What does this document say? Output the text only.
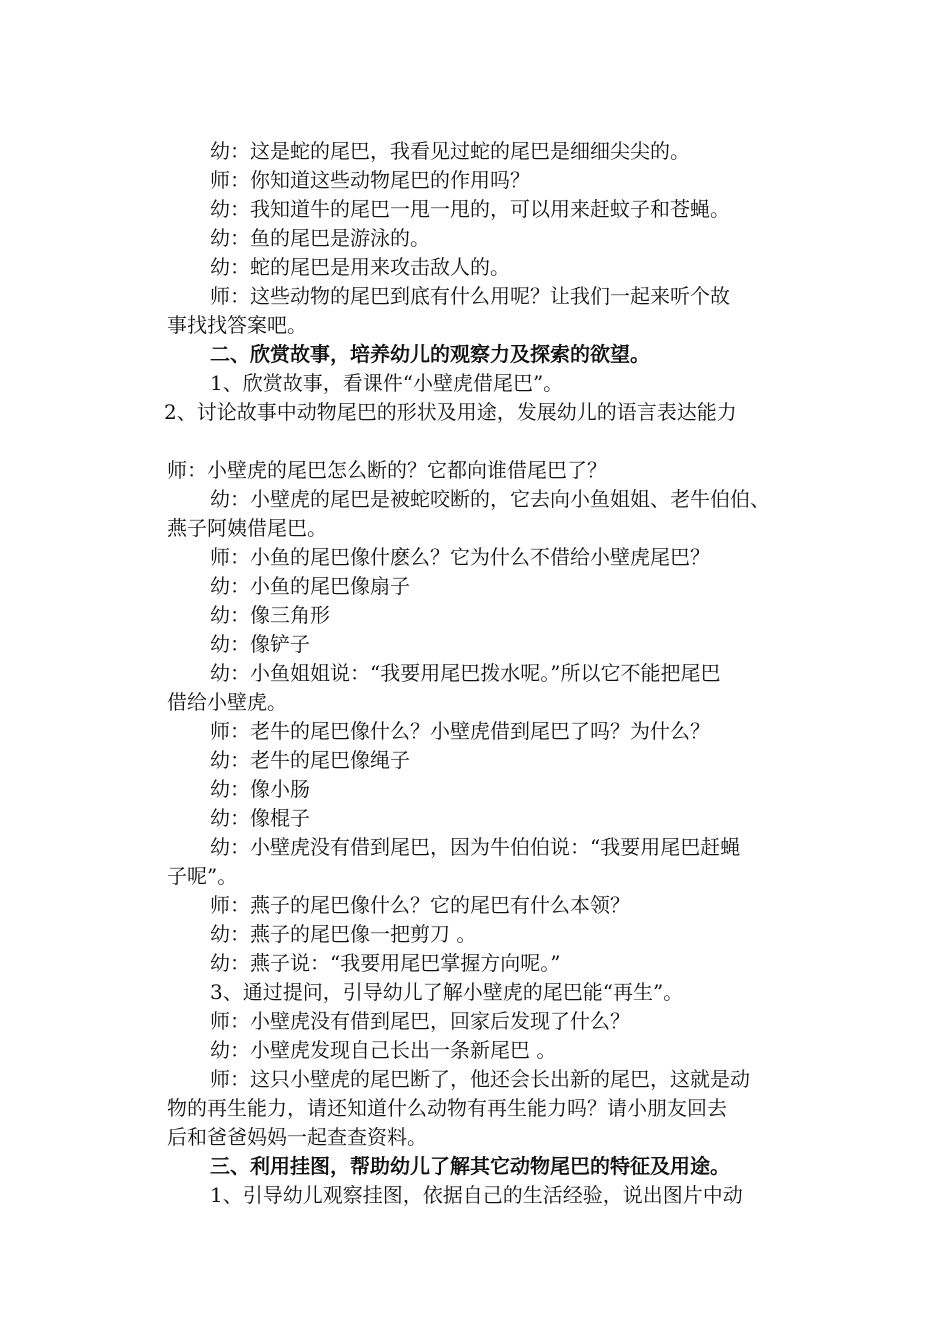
幼：这是蛇的尾巴，我看见过蛇的尾巴是细细尖尖的。

师：你知道这些动物尾巴的作用吗？

幼：我知道牛的尾巴一甩一甩的，可以用来赶蚊子和苍蝇。

幼：鱼的尾巴是游泳的。

幼：蛇的尾巴是用来攻击敌人的。

师：这些动物的尾巴到底有什么用呢？让我们一起来听个故

事找找答案吧。

二、欣赏故事，培养幼儿的观察力及探索的欲望。

1、欣赏故事，看课件“小壁虎借尾巴”。

2、讨论故事中动物尾巴的形状及用途，发展幼儿的语言表达能力

师：小壁虎的尾巴怎么断的？它都向谁借尾巴了？

幼：小壁虎的尾巴是被蛇咬断的，它去向小鱼姐姐、老牛伯伯、

燕子阿姨借尾巴。

师：小鱼的尾巴像什麽么？它为什么不借给小壁虎尾巴？

幼：小鱼的尾巴像扇子

幼：像三角形

幼：像铲子

幼：小鱼姐姐说：“我要用尾巴拨水呢。”所以它不能把尾巴

借给小壁虎。

师：老牛的尾巴像什么？小壁虎借到尾巴了吗？为什么？

幼：老牛的尾巴像绳子

幼：像小肠

幼：像棍子

幼：小壁虎没有借到尾巴，因为牛伯伯说：“我要用尾巴赶蝇

子呢”。

师：燕子的尾巴像什么？它的尾巴有什么本领？

幼：燕子的尾巴像一把剪刀 。

幼：燕子说：“我要用尾巴掌握方向呢。”

3、通过提问，引导幼儿了解小壁虎的尾巴能“再生”。

师：小壁虎没有借到尾巴，回家后发现了什么？

幼：小壁虎发现自己长出一条新尾巴 。

师：这只小壁虎的尾巴断了，他还会长出新的尾巴，这就是动

物的再生能力，请还知道什么动物有再生能力吗？请小朋友回去

后和爸爸妈妈一起查查资料。

三、利用挂图，帮助幼儿了解其它动物尾巴的特征及用途。

1、引导幼儿观察挂图，依据自己的生活经验，说出图片中动
